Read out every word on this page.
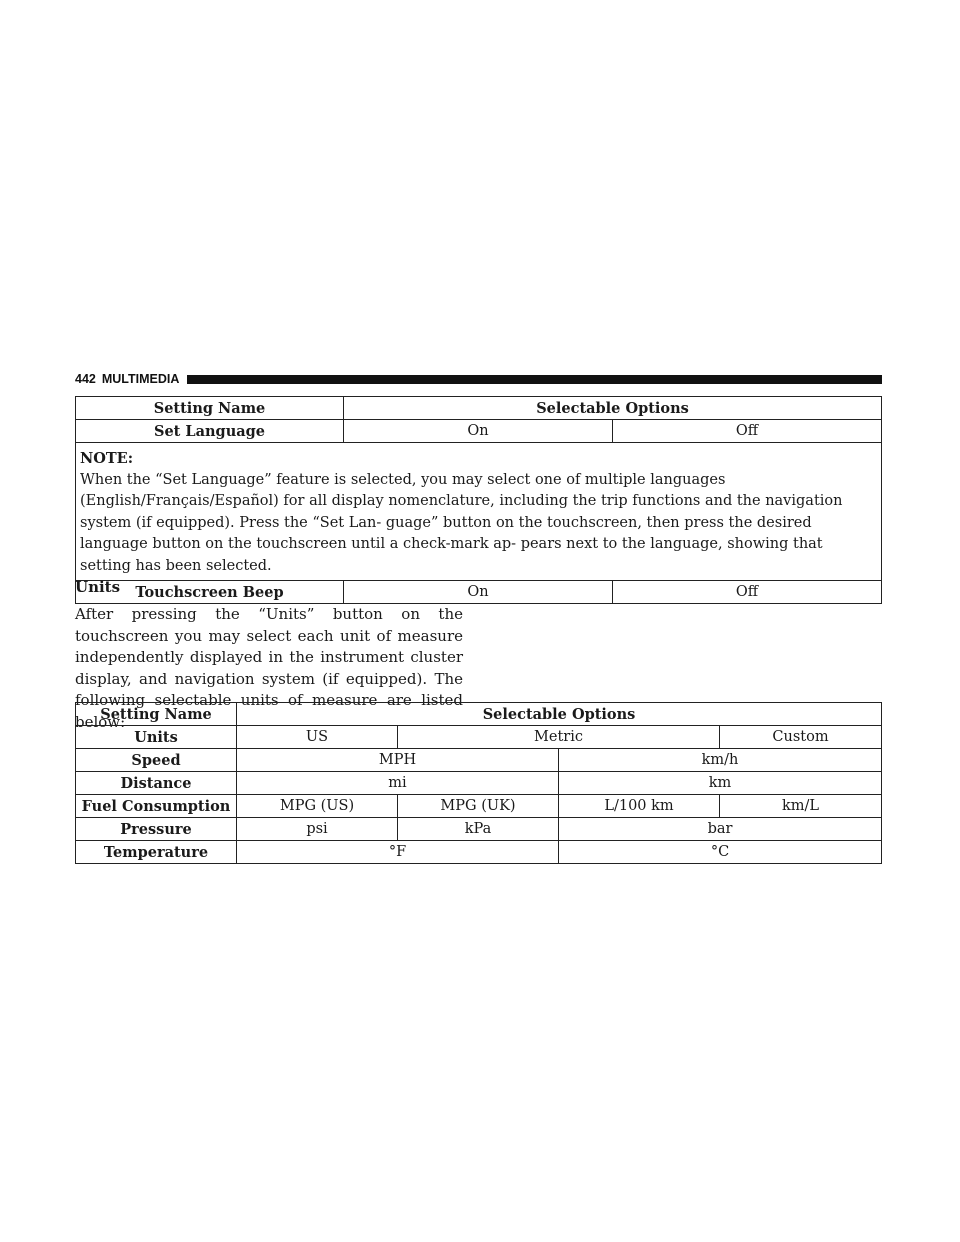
442 MULTIMEDIA
Setting Name	Selectable Options	
Set Language	On	Off

NOTE:
When the “Set Language” feature is selected, you may select one of multiple languages (English/Français/Español) for all display nomenclature, including the trip functions and the navigation system (if equipped). Press the “Set Lan- guage” button on the touchscreen, then press the desired language button on the touchscreen until a check-mark ap- pears next to the language, showing that setting has been selected.		
Touchscreen Beep	On	Off
Units
After pressing the “Units” button on the touchscreen you may select each unit of measure independently displayed in the instrument cluster display, and navigation system (if equipped). The following selectable units of measure are listed below:
Setting Name	Selectable Options			
Units	US	Metric		Custom
Speed	MPH		km/h	
Distance	mi		km	
Fuel Consumption	MPG (US)	MPG (UK)	L/100 km	km/L
Pressure	psi	kPa	bar	
Temperature	°F		°C	
